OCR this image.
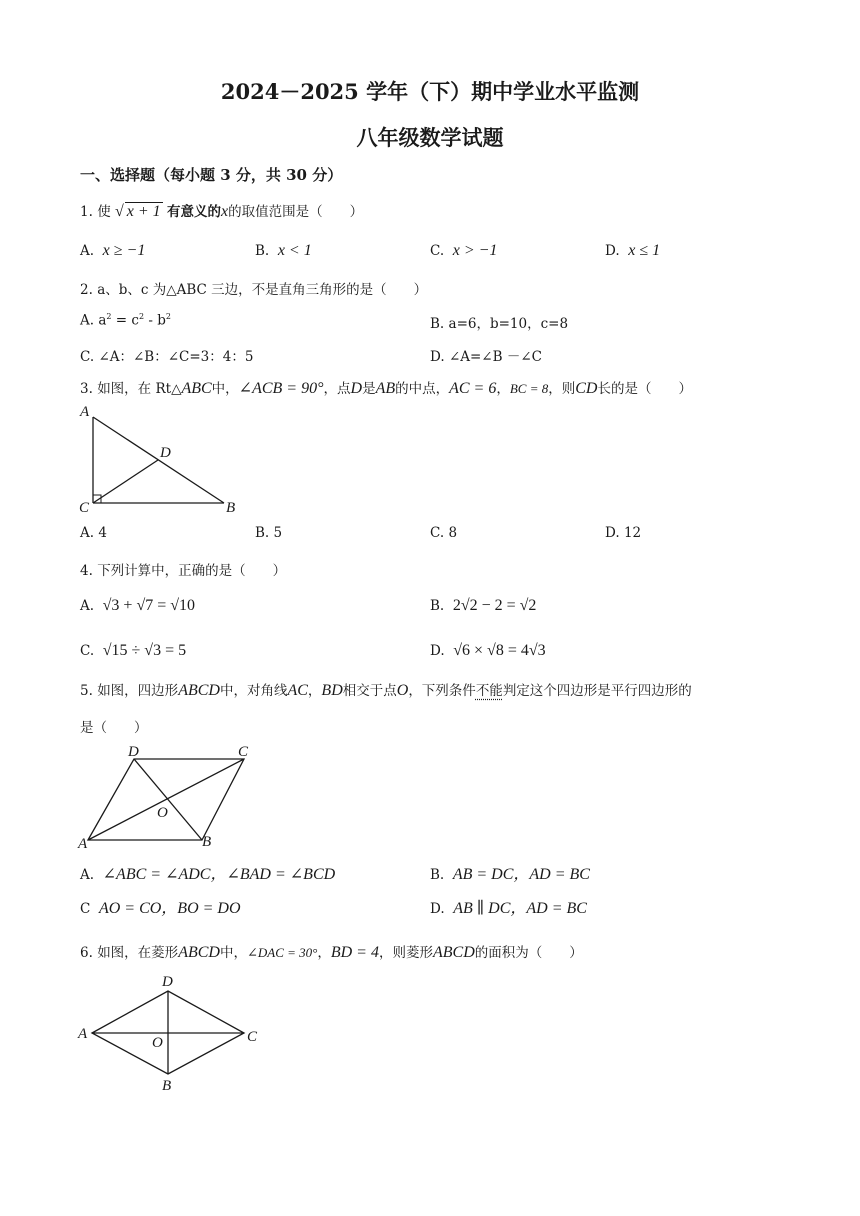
2024－2025 学年（下）期中学业水平监测
八年级数学试题
一、选择题（每小题 3 分，共 30 分）
1. 使 √ x + 1 有意义的x的取值范围是（　　）
A. x ≥ −1	B. x < 1	C. x > −1	D. x ≤ 1
2. a、b、c 为△ABC 三边，不是直角三角形的是（　　）
A. $a^2 = c^2 - b^2$	B. a=6，b=10，c=8
C. ∠A：∠B：∠C=3：4：5	D. ∠A=∠B －∠C
3. 如图，在 Rt△ABC中，∠ACB = 90°，点D是AB的中点，AC = 6，BC = 8，则CD长的是（　　）
A
D
C	B
A. 4	B. 5	C. 8	D. 12
4. 下列计算中，正确的是（　　）
A. √3 + √7 = √10	B. 2√2 − 2 = √2
C. √15 ÷ √3 = 5	D. √6 × √8 = 4√3
5. 如图，四边形ABCD中，对角线AC，BD相交于点O，下列条件不能判定这个四边形是平行四边形的
是（　　）
D	C
O
A	B
A. ∠ABC = ∠ADC，∠BAD = ∠BCD	B. AB = DC，AD = BC
C AO = CO，BO = DO	D. AB ∥ DC，AD = BC
6. 如图，在菱形ABCD中，∠DAC = 30°，BD = 4，则菱形ABCD的面积为（　　）
D
A	C
O
B
